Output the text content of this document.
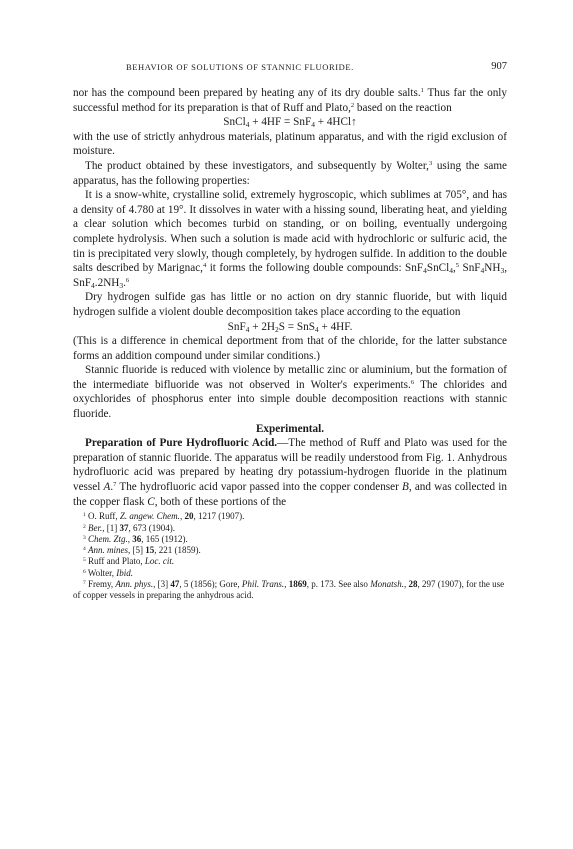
BEHAVIOR OF SOLUTIONS OF STANNIC FLUORIDE.	907

nor has the compound been prepared by heating any of its dry double salts.$^1$ Thus far the only successful method for its preparation is that of Ruff and Plato,$^2$ based on the reaction

SnCl$_4$ + 4HF = SnF$_4$ + 4HCl↑

with the use of strictly anhydrous materials, platinum apparatus, and with the rigid exclusion of moisture.

The product obtained by these investigators, and subsequently by Wolter,$^3$ using the same apparatus, has the following properties:

It is a snow-white, crystalline solid, extremely hygroscopic, which sublimes at 705°, and has a density of 4.780 at 19°. It dissolves in water with a hissing sound, liberating heat, and yielding a clear solution which becomes turbid on standing, or on boiling, eventually undergoing complete hydrolysis. When such a solution is made acid with hydrochloric or sulfuric acid, the tin is precipitated very slowly, though completely, by hydrogen sulfide. In addition to the double salts described by Marignac,$^4$ it forms the following double compounds: SnF$_4$SnCl$_4$,$^5$ $SnF_4NH_3$, $SnF_4.2NH_3.^6$

Dry hydrogen sulfide gas has little or no action on dry stannic fluoride, but with liquid hydrogen sulfide a violent double decomposition takes place according to the equation

$SnF_4 + 2H_2S = SnS_4 + 4HF$.

(This is a difference in chemical deportment from that of the chloride, for the latter substance forms an addition compound under similar conditions.)

Stannic fluoride is reduced with violence by metallic zinc or aluminium, but the formation of the intermediate bifluoride was not observed in Wolter's experiments.$^6$ The chlorides and oxychlorides of phosphorus enter into simple double decomposition reactions with stannic fluoride.

Experimental.

Preparation of Pure Hydrofluoric Acid.—The method of Ruff and Plato was used for the preparation of stannic fluoride. The apparatus will be readily understood from Fig. 1. Anhydrous hydrofluoric acid was prepared by heating dry potassium-hydrogen fluoride in the platinum vessel A.$^7$ The hydrofluoric acid vapor passed into the copper condenser B, and was collected in the copper flask C, both of these portions of the

$^1$ O. Ruff, Z. angew. Chem., 20, 1217 (1907).
$^2$ Ber., [1] 37, 673 (1904).
$^3$ Chem. Ztg., 36, 165 (1912).
$^4$ Ann. mines, [5] 15, 221 (1859).
$^5$ Ruff and Plato, Loc. cit.
$^6$ Wolter, Ibid.
$^7$ Fremy, Ann. phys., [3] 47, 5 (1856); Gore, Phil. Trans., 1869, p. 173. See also Monatsh., 28, 297 (1907), for the use of copper vessels in preparing the anhydrous acid.
